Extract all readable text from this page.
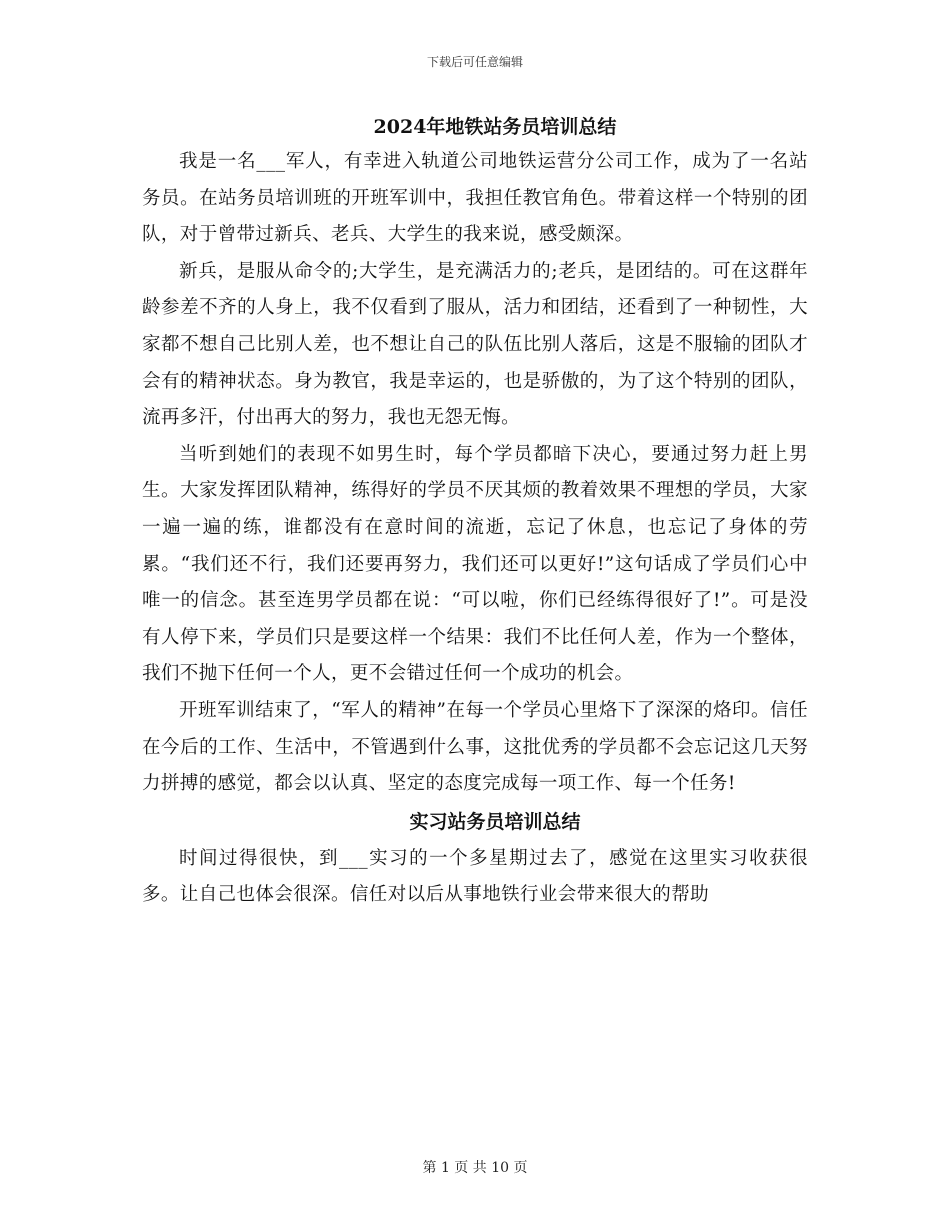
下载后可任意编辑
2024年地铁站务员培训总结

我是一名___军人，有幸进入轨道公司地铁运营分公司工作，成为了一名站务员。在站务员培训班的开班军训中，我担任教官角色。带着这样一个特别的团队，对于曾带过新兵、老兵、大学生的我来说，感受颇深。

新兵，是服从命令的;大学生，是充满活力的;老兵，是团结的。可在这群年龄参差不齐的人身上，我不仅看到了服从，活力和团结，还看到了一种韧性，大家都不想自己比别人差，也不想让自己的队伍比别人落后，这是不服输的团队才会有的精神状态。身为教官，我是幸运的，也是骄傲的，为了这个特别的团队，流再多汗，付出再大的努力，我也无怨无悔。

当听到她们的表现不如男生时，每个学员都暗下决心，要通过努力赶上男生。大家发挥团队精神，练得好的学员不厌其烦的教着效果不理想的学员，大家一遍一遍的练，谁都没有在意时间的流逝，忘记了休息，也忘记了身体的劳累。“我们还不行，我们还要再努力，我们还可以更好!”这句话成了学员们心中唯一的信念。甚至连男学员都在说：“可以啦，你们已经练得很好了!”。可是没有人停下来，学员们只是要这样一个结果：我们不比任何人差，作为一个整体，我们不抛下任何一个人，更不会错过任何一个成功的机会。

开班军训结束了，“军人的精神”在每一个学员心里烙下了深深的烙印。信任在今后的工作、生活中，不管遇到什么事，这批优秀的学员都不会忘记这几天努力拼搏的感觉，都会以认真、坚定的态度完成每一项工作、每一个任务!

实习站务员培训总结

时间过得很快，到___实习的一个多星期过去了，感觉在这里实习收获很多。让自己也体会很深。信任对以后从事地铁行业会带来很大的帮助

第 1 页 共 10 页
